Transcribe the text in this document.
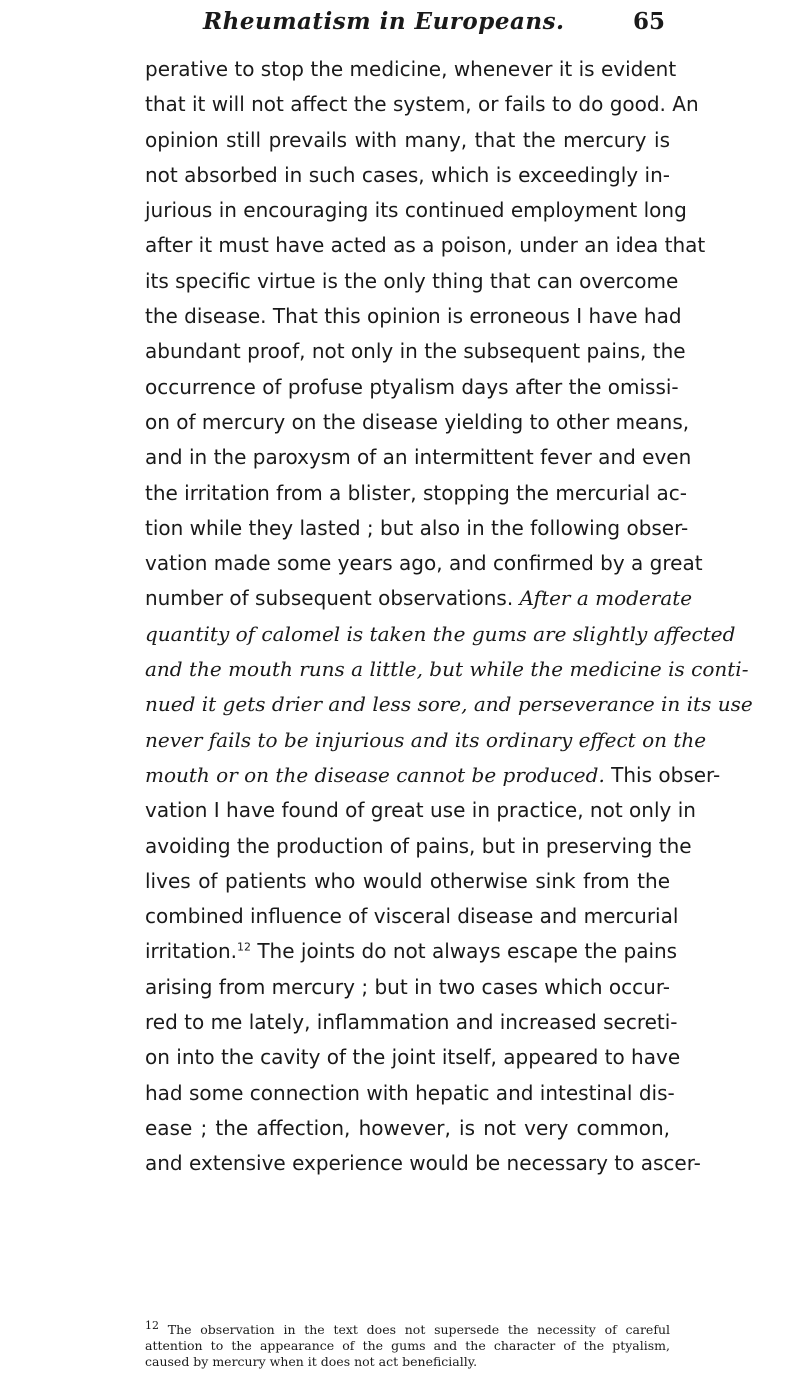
Rheumatism in Europeans.	65
perative to stop the medicine, whenever it is evident
that it will not affect the system, or fails to do good. An
opinion still prevails with many, that the mercury is
not absorbed in such cases, which is exceedingly in-
jurious in encouraging its continued employment long
after it must have acted as a poison, under an idea that
its specific virtue is the only thing that can overcome
the disease. That this opinion is erroneous I have had
abundant proof, not only in the subsequent pains, the
occurrence of profuse ptyalism days after the omissi-
on of mercury on the disease yielding to other means,
and in the paroxysm of an intermittent fever and even
the irritation from a blister, stopping the mercurial ac-
tion while they lasted ; but also in the following obser-
vation made some years ago, and confirmed by a great
number of subsequent observations. After a moderate
quantity of calomel is taken the gums are slightly affected
and the mouth runs a little, but while the medicine is conti-
nued it gets drier and less sore, and perseverance in its use
never fails to be injurious and its ordinary effect on the
mouth or on the disease cannot be produced. This obser-
vation I have found of great use in practice, not only in
avoiding the production of pains, but in preserving the
lives of patients who would otherwise sink from the
combined influence of visceral disease and mercurial
irritation.$^{12}$ The joints do not always escape the pains
arising from mercury ; but in two cases which occur-
red to me lately, inflammation and increased secreti-
on into the cavity of the joint itself, appeared to have
had some connection with hepatic and intestinal dis-
ease ; the affection, however, is not very common,
and extensive experience would be necessary to ascer-
12 The observation in the text does not supersede the necessity of careful
attention to the appearance of the gums and the character of the ptyalism,
caused by mercury when it does not act beneficially.
